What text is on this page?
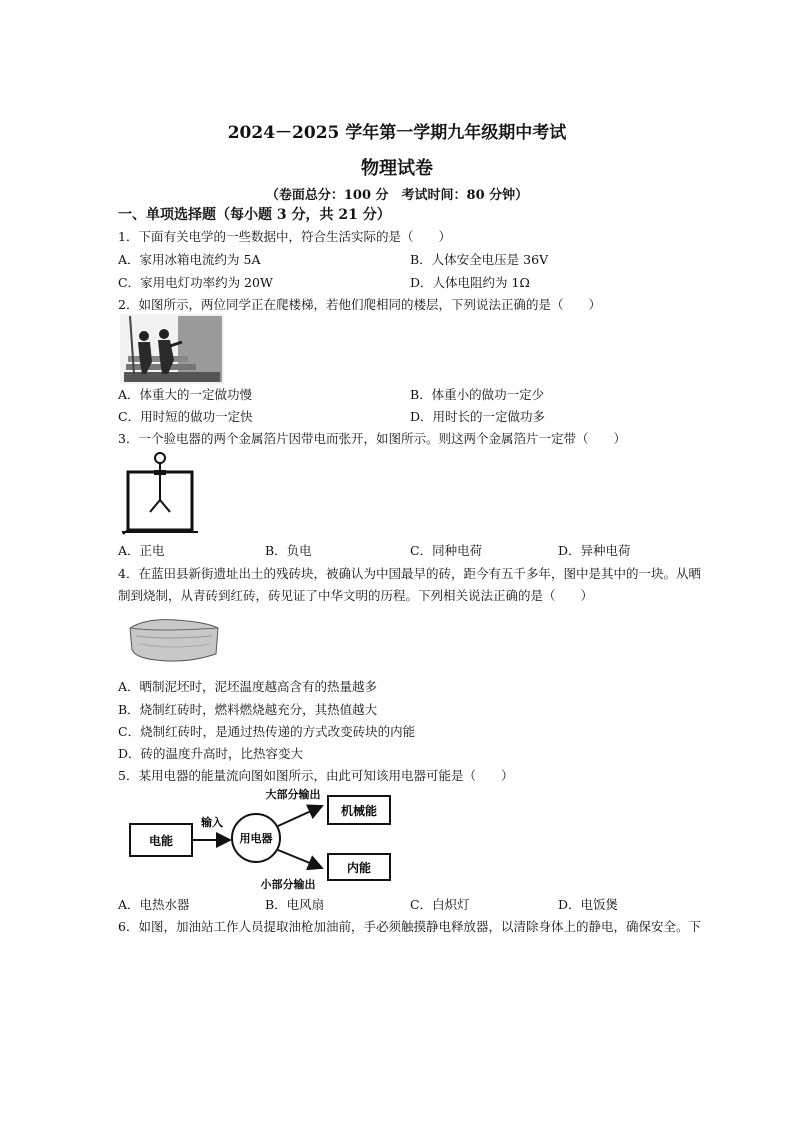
2024－2025 学年第一学期九年级期中考试
物理试卷
（卷面总分：100 分　考试时间：80 分钟）
一、单项选择题（每小题 3 分，共 21 分）
1．下面有关电学的一些数据中，符合生活实际的是（　　）
A．家用冰箱电流约为 5A	B．人体安全电压是 36V
C．家用电灯功率约为 20W	D．人体电阻约为 1Ω
2．如图所示，两位同学正在爬楼梯，若他们爬相同的楼层，下列说法正确的是（　　）
A．体重大的一定做功慢	B．体重小的做功一定少
C．用时短的做功一定快	D．用时长的一定做功多
3．一个验电器的两个金属箔片因带电而张开，如图所示。则这两个金属箔片一定带（　　）
A．正电	B．负电	C．同种电荷	D．异种电荷
4．在蓝田县新街遗址出土的残砖块，被确认为中国最早的砖，距今有五千多年，图中是其中的一块。从晒
制到烧制，从青砖到红砖，砖见证了中华文明的历程。下列相关说法正确的是（　　）
A．晒制泥坯时，泥坯温度越高含有的热量越多
B．烧制红砖时，燃料燃烧越充分，其热值越大
C．烧制红砖时，是通过热传递的方式改变砖块的内能
D．砖的温度升高时，比热容变大
5．某用电器的能量流向图如图所示，由此可知该用电器可能是（　　）
电能
输入
用电器
大部分输出
机械能
内能
小部分输出
A．电热水器	B．电风扇	C．白炽灯	D．电饭煲
6．如图，加油站工作人员提取油枪加油前，手必须触摸静电释放器，以清除身体上的静电，确保安全。下
